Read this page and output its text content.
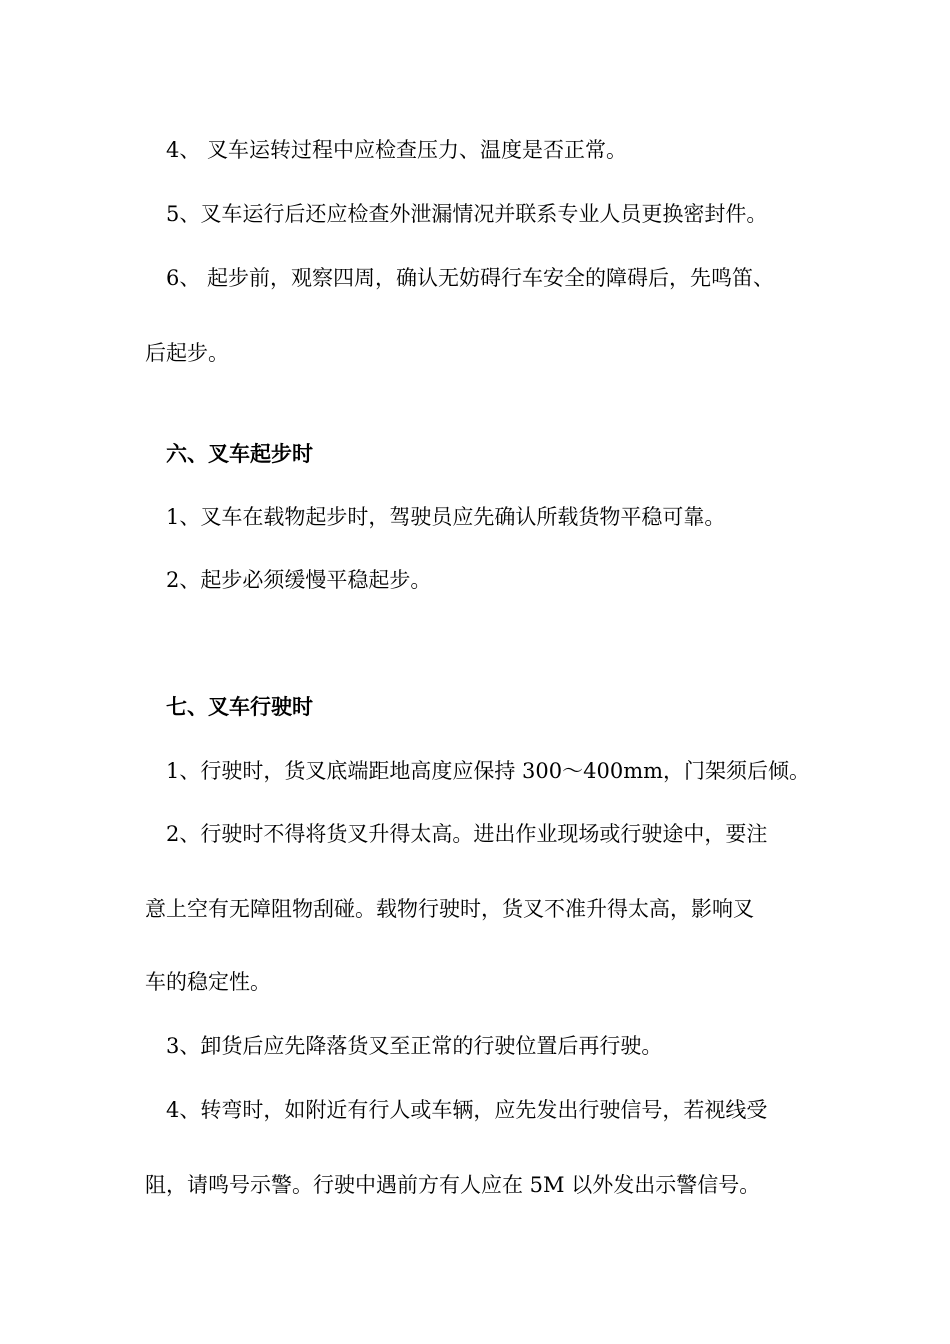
4、 叉车运转过程中应检查压力、温度是否正常。
5、叉车运行后还应检查外泄漏情况并联系专业人员更换密封件。
6、 起步前，观察四周，确认无妨碍行车安全的障碍后，先鸣笛、
后起步。
六、叉车起步时
1、叉车在载物起步时，驾驶员应先确认所载货物平稳可靠。
2、起步必须缓慢平稳起步。
七、叉车行驶时
1、行驶时，货叉底端距地高度应保持 300～400mm，门架须后倾。
2、行驶时不得将货叉升得太高。进出作业现场或行驶途中，要注
意上空有无障阻物刮碰。载物行驶时，货叉不准升得太高，影响叉
车的稳定性。
3、卸货后应先降落货叉至正常的行驶位置后再行驶。
4、转弯时，如附近有行人或车辆，应先发出行驶信号，若视线受
阻，请鸣号示警。行驶中遇前方有人应在 5M 以外发出示警信号。
